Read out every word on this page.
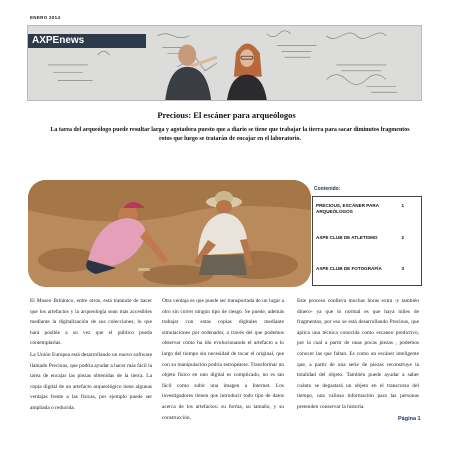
ENERO 2014
AXPEnews
Precious: El escáner para arqueólogos
La tarea del arqueólogo puede resultar larga y agotadora puesto que a diario se tiene que trabajar la tierra para sacar diminutos fragmentos rotos que luego se tratarán de encajar en el laboratorio.
Contenido:
PRECIOUS, ESCÁNER PARA ARQUEÓLOGOS
1
AXPE CLUB DE ATLETISMO	2
AXPE CLUB DE FOTOGRAFÍA	3

El Museo Británico, entre otros, está tratando de hacer que los artefactos y la arqueología sean más accesibles mediante la digitalización de sus colecciones, lo que hará posible a su vez que el público pueda contemplarlas.

La Unión Europea está desarrollando un nuevo software llamado Precious, que podría ayudar a hacer más fácil la tarea de encajar las piezas obtenidas de la tierra. La copia digital de un artefacto arqueológico tiene algunas ventajas frente a las físicas, por ejemplo puede ser ampliada o reducida.

Otra ventaja es que puede ser transportada de un lugar a otro sin correr ningún tipo de riesgo. Se puede, además trabajar con estas copias digitales mediante simulaciones por ordenador, a través del que podemos observar cómo ha ido evolucionando el artefacto a lo largo del tiempo sin necesidad de tocar el original, que con su manipulación podría estropearse. Transformar un objeto físico en uno digital es complicado, no es tan fácil como subir una imagen a Internet. Los investigadores tienen que introducir todo tipo de datos acerca de los artefactos: su forma, su tamaño, y su construcción.

Este proceso conlleva muchas horas extra -y también dinero- ya que lo normal es que haya miles de fragmentos, por eso se está desarrollando Precious, que aplica una técnica conocida como escaneo predictivo, por la cual a partir de unas pocas piezas , podemos conocer las que faltan. Es como un escáner inteligente que, a partir de una serie de piezas reconstruye la totalidad del objeto. También puede ayudar a saber cuánto se degastará un objeto en el transcurso del tiempo, una valiosa información para las personas pretenden conservar la historia.

Página 1
